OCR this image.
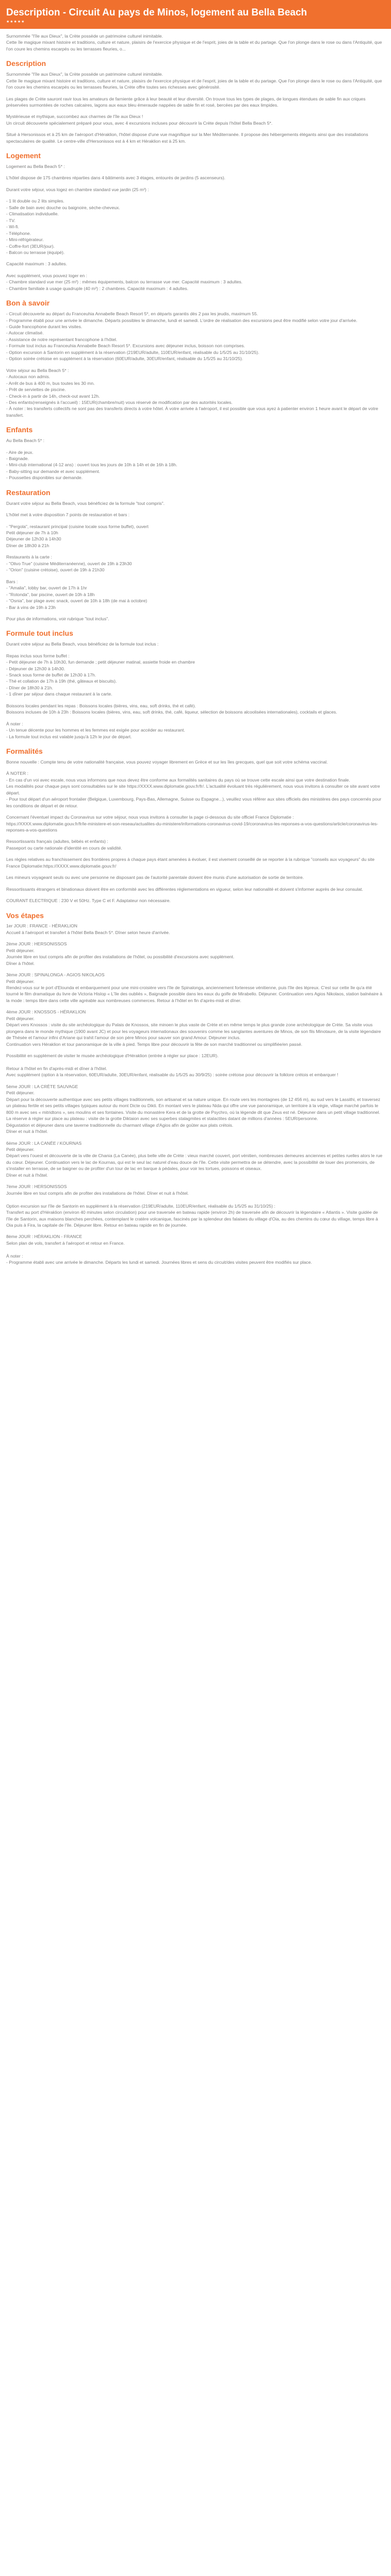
Description - Circuit Au pays de Minos, logement au Bella Beach
★★★★★
Surnommée "l'île aux Dieux", la Crète possède un patrimoine culturel inimitable.
Cette île magique mixant histoire et traditions, culture et nature, plaisirs de l'exercice physique et de l'esprit, joies de la table et du partage. Que l'on plonge dans le rose ou dans l'Antiquité, que l'on coure les chemins escarpés ou les terrasses fleuries, o...
Description
Surnommée "l'île aux Dieux", la Crète possède un patrimoine culturel inimitable.
Cette île magique mixant histoire et traditions, culture et nature, plaisirs de l'exercice physique et de l'esprit, joies de la table et du partage. Que l'on plonge dans le rose ou dans l'Antiquité, que l'on coure les chemins escarpés ou les terrasses fleuries, la Crète offre toutes ses richesses avec générosité.
Les plages de Crète sauront ravir tous les amateurs de farniente grâce à leur beauté et leur diversité. On trouve tous les types de plages, de longues étendues de sable fin aux criques préservées surmontées de roches calcaires, lagons aux eaux bleu émeraude nappées de sable fin et rosé, bercées par des eaux limpides.
Mystérieuse et mythique, succombez aux charmes de l'île aux Dieux !
Un circuit découverte spécialement préparé pour vous, avec 4 excursions incluses pour découvrir la Crète depuis l'hôtel Bella Beach 5*.
Situé à Hersonissos et à 25 km de l'aéroport d'Héraklion, l'hôtel dispose d'une vue magnifique sur la Mer Méditerranée. Il propose des hébergements élégants ainsi que des installations spectaculaires de qualité. Le centre-ville d'Hersonissos est à 4 km et Héraklion est à 25 km.
Logement
Logement au Bella Beach 5* :
L'hôtel dispose de 175 chambres réparties dans 4 bâtiments avec 3 étages, entourés de jardins (5 ascenseurs).
Durant votre séjour, vous logez en chambre standard vue jardin (25 m²) :
- 1 lit double ou 2 lits simples.
- Salle de bain avec douche ou baignoire, sèche-cheveux.
- Climatisation individuelle.
- TV.
- Wi-fi.
- Téléphone.
- Mini-réfrigérateur.
- Coffre-fort (3EUR/jour).
- Balcon ou terrasse (équipé).
Capacité maximum : 3 adultes.
Avec supplément, vous pouvez loger en :
- Chambre standard vue mer (25 m²) : mêmes équipements, balcon ou terrasse vue mer. Capacité maximum : 3 adultes.
- Chambre familiale à usage quadruple (40 m²) : 2 chambres. Capacité maximum : 4 adultes.
Bon à savoir
- Circuit découverte au départ du Franceuhia Annabelle Beach Resort 5*, en départs garantis dès 2 pax les jeudis, maximum 55.
- Programme établi pour une arrivée le dimanche. Départs possibles le dimanche, lundi et samedi. L'ordre de réalisation des excursions peut être modifié selon votre jour d'arrivée.
- Guide francophone durant les visites.
- Autocar climatisé.
- Assistance de notre représentant francophone à l'hôtel.
- Formule tout inclus au Franceuhia Annabelle Beach Resort 5*. Excursions avec déjeuner inclus, boisson non comprises.
- Option excursion à Santorin en supplément à la réservation (219EUR/adulte, 110EUR/enfant, réalisable du 1/5/25 au 31/10/25).
- Option soirée crétoise en supplément à la réservation (60EUR/adulte, 30EUR/enfant, réalisable du 1/5/25 au 31/10/25).
Votre séjour au Bella Beach 5* :
- Autocaux non admis.
- Arrêt de bus à 400 m, bus toutes les 30 mn.
- Prêt de serviettes de piscine.
- Check-in à partir de 14h, check-out avant 12h.
- Des enfants(renseignés à l'accueil) : 15EUR(chambre/nuit) vous réservé de modification par des autorités locales.
- À noter : les transferts collectifs ne sont pas des transferts directs à votre hôtel. À votre arrivée à l'aéroport, il est possible que vous ayez à patienter environ 1 heure avant le départ de votre transfert.
Enfants
Au Bella Beach 5* :
- Aire de jeux.
- Baignade.
- Mini-club international (4-12 ans) : ouvert tous les jours de 10h à 14h et de 16h à 18h.
- Baby-sitting sur demande et avec supplément.
- Poussettes disponibles sur demande.
Restauration
Durant votre séjour au Bella Beach, vous bénéficiez de la formule "tout compris".
L'hôtel met à votre disposition 7 points de restauration et bars :
- "Pergola", restaurant principal (cuisine locale sous forme buffet), ouvert
Petit déjeuner de 7h à 10h
Déjeuner de 12h30 à 14h30
Dîner de 18h30 à 21h
Restaurants à la carte :
- "Olivo True" (cuisine Méditerranéenne), ouvert de 19h à 23h30
- "Orion" (cuisine crétoise), ouvert de 19h à 21h30
Bars :
- "Amalia", lobby bar, ouvert de 17h à 1hr
- "Rotonda", bar piscine, ouvert de 10h à 18h
- "Osnia", bar plage avec snack, ouvert de 10h à 18h (de mai à octobre)
- Bar à vins de 19h à 23h
Pour plus de informations, voir rubrique "tout inclus".
Formule tout inclus
Durant votre séjour au Bella Beach, vous bénéficiez de la formule tout inclus :
Repas inclus sous forme buffet :
- Petit déjeuner de 7h à 10h30, fun demande ; petit déjeuner matinal, assiette froide en chambre
- Déjeuner de 12h30 à 14h30.
- Snack sous forme de buffet de 12h30 à 17h.
- Thé et collation de 17h à 19h (thé, gâteaux et biscuits).
- Dîner de 18h30 à 21h.
- 1 dîner par séjour dans chaque restaurant à la carte.
Boissons locales pendant les repas : Boissons locales (bières, vins, eau, soft drinks, thé et café).
Boissons incluses de 10h à 23h : Boissons locales (bières, vins, eau, soft drinks, thé, café, liqueur, sélection de boissons alcoolisées internationales), cocktails et glaces.
À noter :
- Un tenue décente pour les hommes et les femmes est exigée pour accéder au restaurant.
- La formule tout inclus est valable jusqu'à 12h le jour de départ.
Formalités
Bonne nouvelle : Compte tenu de votre nationalité française, vous pouvez voyager librement en Grèce et sur les îles grecques, quel que soit votre schéma vaccinal.
À NOTER :
- En cas d'un voi avec escale, nous vous informons que nous devez être conforme aux formalités sanitaires du pays où se trouve cette escale ainsi que votre destination finale.
Les modalités pour chaque pays sont consultables sur le site https://XXXX.www.diplomatie.gouv.fr/fr/. L'actualité évoluant très régulièrement, nous vous invitons à consulter ce site avant votre départ.
- Pour tout départ d'un aéroport frontalier (Belgique, Luxembourg, Pays-Bas, Allemagne, Suisse ou Espagne...), veuillez vous référer aux sites officiels des ministères des pays concernés pour les conditions de départ et de retour.
Concernant l'éventuel impact du Coronavirus sur votre séjour, nous vous invitons à consulter la page ci-dessous du site officiel France Diplomatie :
https://XXXX.www.diplomatie.gouv.fr/fr/le-ministere-et-son-reseau/actualites-du-ministere/informations-coronavirus-covid-19/coronavirus-les-reponses-a-vos-questions/article/coronavirus-les-reponses-a-vos-questions
Ressortissants français (adultes, bébés et enfants) :
Passeport ou carte nationale d'identité en cours de validité.
Les règles relatives au franchissement des frontières propres à chaque pays étant amenées à évoluer, il est vivement conseillé de se reporter à la rubrique "conseils aux voyageurs" du site France Diplomatie:https://XXXX.www.diplomatie.gouv.fr/
Les mineurs voyageant seuls ou avec une personne ne disposant pas de l'autorité parentale doivent être munis d'une autorisation de sortie de territoire.
Ressortissants étrangers et binationaux doivent être en conformité avec les différentes réglementations en vigueur, selon leur nationalité et doivent s'informer auprès de leur consulat.
COURANT ELECTRIQUE : 230 V et 50Hz. Type C et F. Adaptateur non nécessaire.
Vos étapes
1er JOUR : FRANCE - HÉRAKLION
Accueil à l'aéroport et transfert à l'hôtel Bella Beach 5*. Dîner selon heure d'arrivée.
2ème JOUR : HERSONISSOS
Petit déjeuner.
Journée libre en tout compris afin de profiter des installations de l'hôtel, ou possibilité d'excursions avec supplément.
Dîner à l'hôtel.
3ème JOUR : SPINALONGA - AGIOS NIKOLAOS
Petit déjeuner.
Rendez-vous sur le port d'Elounda et embarquement pour une mini-croisière vers l'île de Spinalonga, anciennement forteresse vénitienne, puis l'île des lépreux. C'est sur cette île qu'a été tourné le film dramatique du livre de Victoria Hislop « L'île des oubliés », Baignade possible dans les eaux du golfe de Mirabello. Déjeuner. Continuation vers Agios Nikolaos, station balnéaire à la mode : temps libre dans cette ville agréable aux nombreuses commerces. Retour à l'hôtel en fin d'après-midi et dîner.
4ème JOUR : KNOSSOS - HÉRAKLION
Petit déjeuner.
Départ vers Knossos : visite du site archéologique du Palais de Knossos, site minoen le plus vaste de Crète et en même temps le plus grande zone archéologique de Crète. Sa visite vous plongera dans le monde mythique (1900 avant JC) et pour les voyageurs internationaux des souvenirs comme les sanglantes aventures de Minos, de son fils Minotaure, de la visite légendaire de Thésée et l'amour infini d'Ariane qui trahit l'amour de son père Minos pour sauver son grand Amour. Déjeuner inclus.
Continuation vers Héraklion et tour panoramique de la ville à pied. Temps libre pour découvrir la fête de son marché traditionnel ou simplifiée/en passé.
Possibilité en supplément de visiter le musée archéologique d'Héraklion (entrée à régler sur place : 12EUR).

Retour à l'hôtel en fin d'après-midi et dîner à l'hôtel.
Avec supplément (option à la réservation, 60EUR/adulte, 30EUR/enfant, réalisable du 1/5/25 au 30/9/25) : soirée crétoise pour découvrir la folklore crétois et embarquer !
5ème JOUR : LA CRÈTE SAUVAGE
Petit déjeuner.
Départ pour la découverte authentique avec ses petits villages traditionnels, son artisanat et sa nature unique. En route vers les montagnes (de 12 456 m), au sud vers le Lassithi, et traversez un plateau fertile et ses petits villages typiques autour du mont Dicte ou Dikti. En montant vers le plateau Nida qui offre une vue panoramique, un territoire à la végie, village marché parfois le 800 m avec ses « mitridtons », ses moulins et ses fontaines. Visite du monastère Kera et de la grotte de Psychro, où la légende dit que Zeus est né. Déjeuner dans un petit village traditionnel.
La réserve à régler sur place au plateau : visite de la grotte Diktaion avec ses superbes stalagmites et stalactites datant de millions d'années : 5EUR/personne.
Dégustation et déjeuner dans une taverne traditionnelle du charmant village d'Agios afin de goûter aux plats crétois.
Dîner et nuit à l'hôtel.
6ème JOUR : LA CANÉE / KOURNAS
Petit déjeuner.
Départ vers l'ouest et découverte de la ville de Chania (La Canée), plus belle ville de Crète : vieux marché couvert, port vénitien, nombreuses demeures anciennes et petites ruelles alors le rue du cœur. Déjeuner. Continuation vers le lac de Kournas, qui est le seul lac naturel d'eau douce de l'île. Cette visite permettra de se détendre, avec la possibilité de louer des promenoirs, de s'installer en terrasse, de se baigner ou de profiter d'un tour de lac en barque à pédales, pour voir les tortues, poissons et oiseaux.
Dîner et nuit à l'hôtel.
7ème JOUR : HERSONISSOS
Journée libre en tout compris afin de profiter des installations de l'hôtel. Dîner et nuit à l'hôtel.

Option excursion sur l'île de Santorin en supplément à la réservation (219EUR/adulte, 110EUR/enfant, réalisable du 1/5/25 au 31/10/25) :
Transfert au port d'Héraklion (environ 40 minutes selon circulation) pour une traversée en bateau rapide (environ 2h) de traversée afin de découvrir la légendaire « Atlantis ». Visite guidée de l'île de Santorin, aux maisons blanches perchées, contemplant le cratère volcanique, fascinés par la splendeur des falaises du village d'Oia, au des chemins du cœur du village, temps libre à Oia puis à Fira, la capitale de l'île. Déjeuner libre. Retour en bateau rapide en fin de journée.
8ème JOUR : HÉRAKLION - FRANCE
Selon plan de vols, transfert à l'aéroport et retour en France.

À noter :
- Programme établi avec une arrivée le dimanche. Départs les lundi et samedi. Journées libres et sens du circuit/des visites peuvent être modifiés sur place.
